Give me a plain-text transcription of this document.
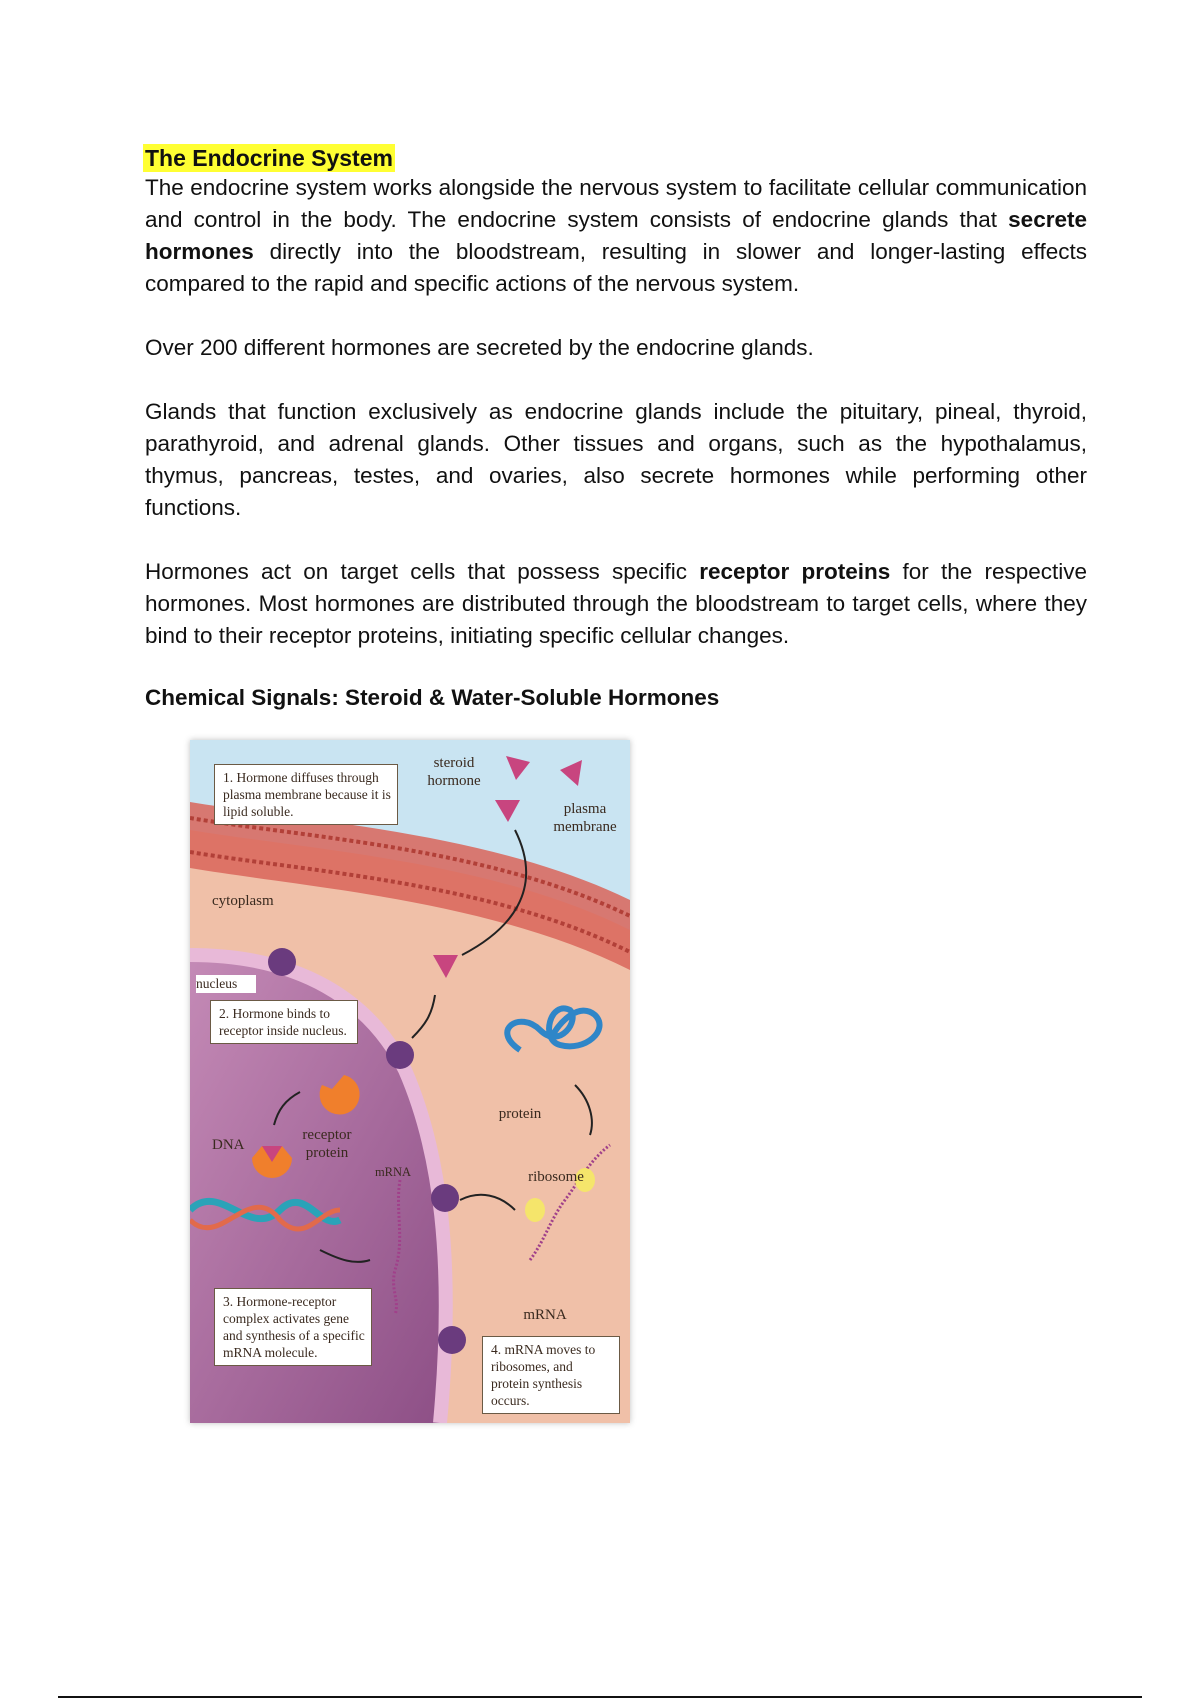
The Endocrine System

The endocrine system works alongside the nervous system to facilitate cellular communication and control in the body. The endocrine system consists of endocrine glands that secrete hormones directly into the bloodstream, resulting in slower and longer-lasting effects compared to the rapid and specific actions of the nervous system.

Over 200 different hormones are secreted by the endocrine glands.

Glands that function exclusively as endocrine glands include the pituitary, pineal, thyroid, parathyroid, and adrenal glands. Other tissues and organs, such as the hypothalamus, thymus, pancreas, testes, and ovaries, also secrete hormones while performing other functions.

Hormones act on target cells that possess specific receptor proteins for the respective hormones. Most hormones are distributed through the bloodstream to target cells, where they bind to their receptor proteins, initiating specific cellular changes.

Chemical Signals: Steroid & Water-Soluble Hormones
1. Hormone diffuses through plasma membrane because it is lipid soluble.
2. Hormone binds to receptor inside nucleus.
3. Hormone-receptor complex activates gene and synthesis of a specific mRNA molecule.	4. mRNA moves to ribosomes, and protein synthesis occurs.
steroid hormone
plasma membrane
cytoplasm
nucleus
DNA
receptor protein
mRNA
protein
ribosome
mRNA
